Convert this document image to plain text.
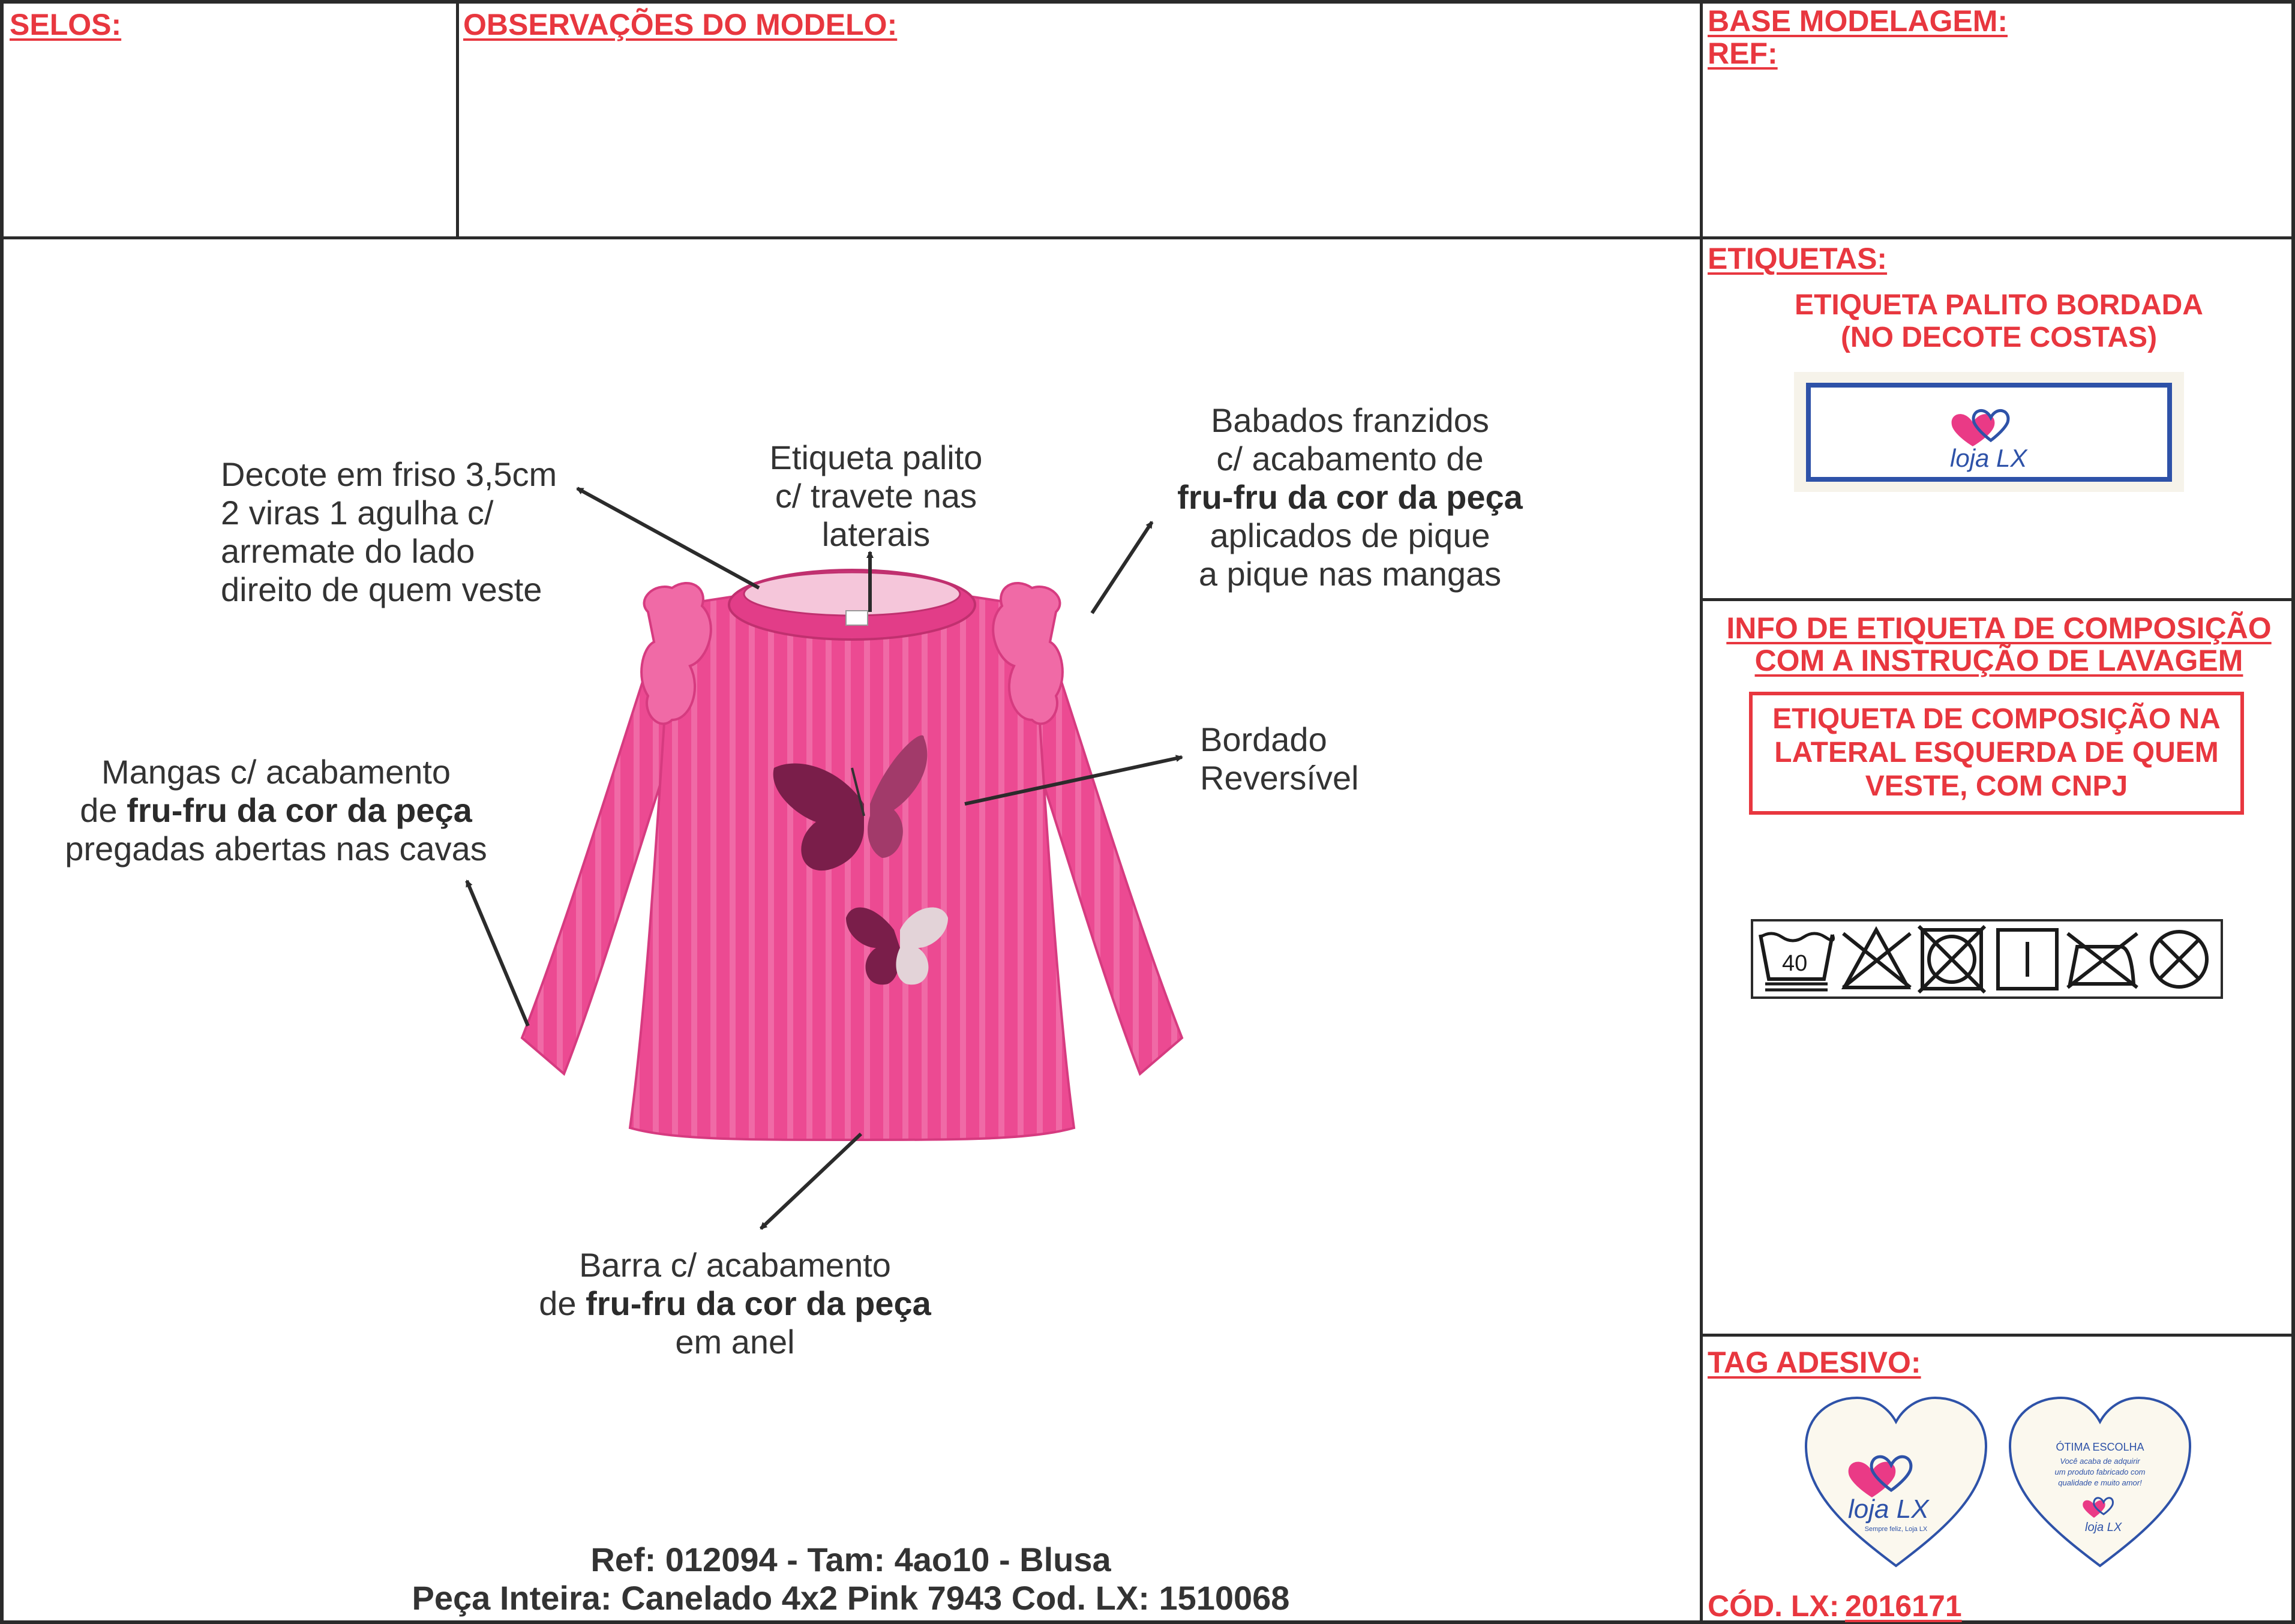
SELOS:	OBSERVAÇÕES DO MODELO:	BASE MODELAGEM:
REF:
ETIQUETAS:
ETIQUETA PALITO BORDADA
(NO DECOTE COSTAS)
loja LX
INFO DE ETIQUETA DE COMPOSIÇÃO
COM A INSTRUÇÃO DE LAVAGEM
ETIQUETA DE COMPOSIÇÃO NA
LATERAL ESQUERDA DE QUEM
VESTE, COM CNPJ
40
TAG ADESIVO:
loja LX
Sempre feliz, Loja LX
ÓTIMA ESCOLHA
Você acaba de adquirir
um produto fabricado com
qualidade e muito amor!
loja LX
CÓD. LX: 2016171
Decote em friso 3,5cm
2 viras 1 agulha c/
arremate do lado
direito de quem veste
Etiqueta palito
c/ travete nas
laterais
Babados franzidos
c/ acabamento de
fru-fru da cor da peça
aplicados de pique
a pique nas mangas
Bordado
Reversível
Mangas c/ acabamento
de fru-fru da cor da peça
pregadas abertas nas cavas
Barra c/ acabamento
de fru-fru da cor da peça
em anel
Ref: 012094 - Tam: 4ao10 - Blusa
Peça Inteira: Canelado 4x2 Pink 7943 Cod. LX: 1510068
